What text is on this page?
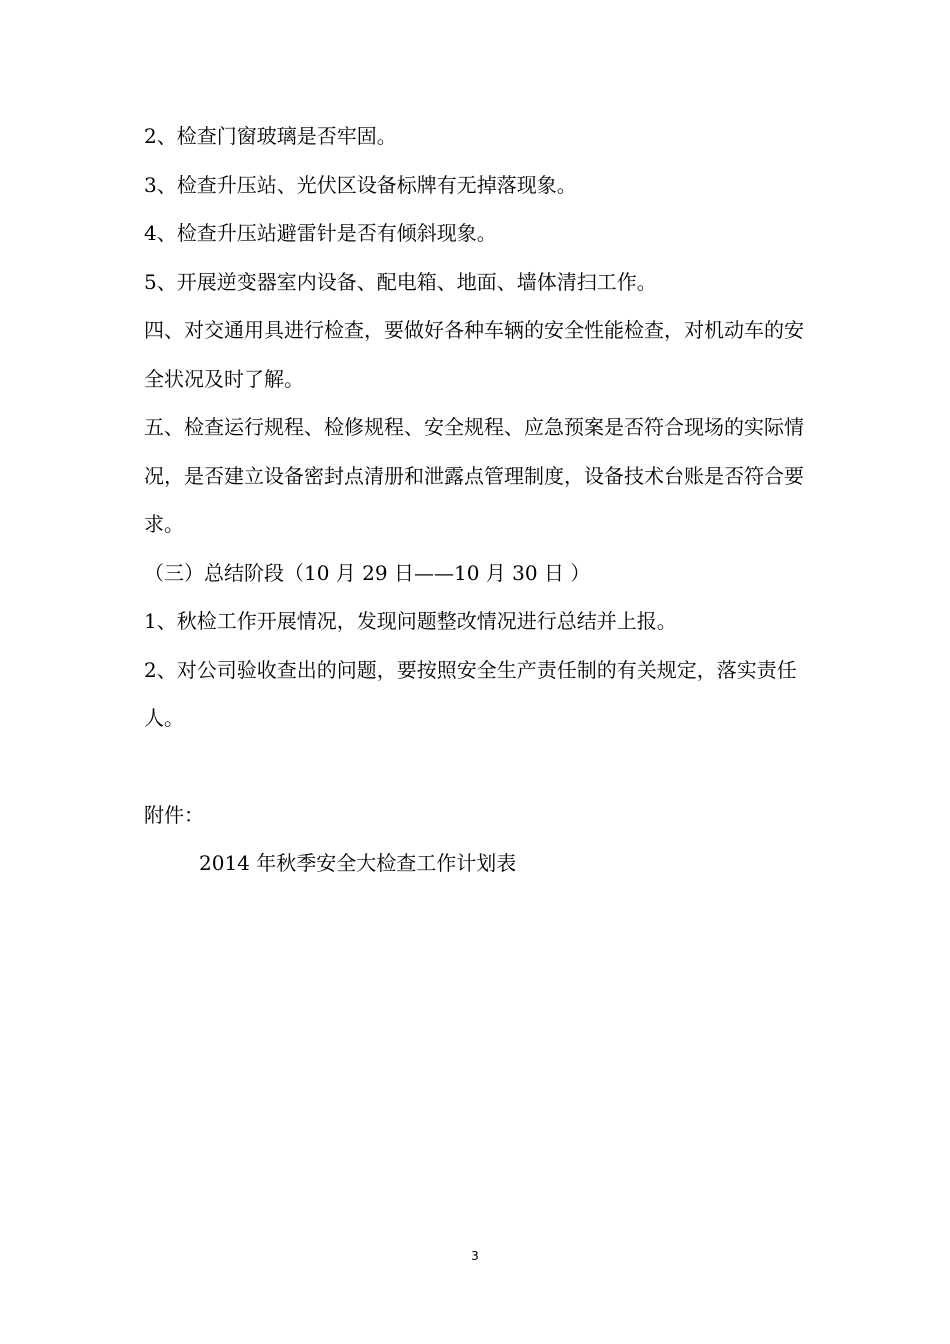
2、检查门窗玻璃是否牢固。

3、检查升压站、光伏区设备标牌有无掉落现象。

4、检查升压站避雷针是否有倾斜现象。

5、开展逆变器室内设备、配电箱、地面、墙体清扫工作。

四、对交通用具进行检查，要做好各种车辆的安全性能检查，对机动车的安全状况及时了解。

五、检查运行规程、检修规程、安全规程、应急预案是否符合现场的实际情况，是否建立设备密封点清册和泄露点管理制度，设备技术台账是否符合要求。

（三）总结阶段（10 月 29 日——10 月 30 日 ）

1、秋检工作开展情况，发现问题整改情况进行总结并上报。

2、对公司验收查出的问题，要按照安全生产责任制的有关规定，落实责任人。

附件：

2014 年秋季安全大检查工作计划表

3
